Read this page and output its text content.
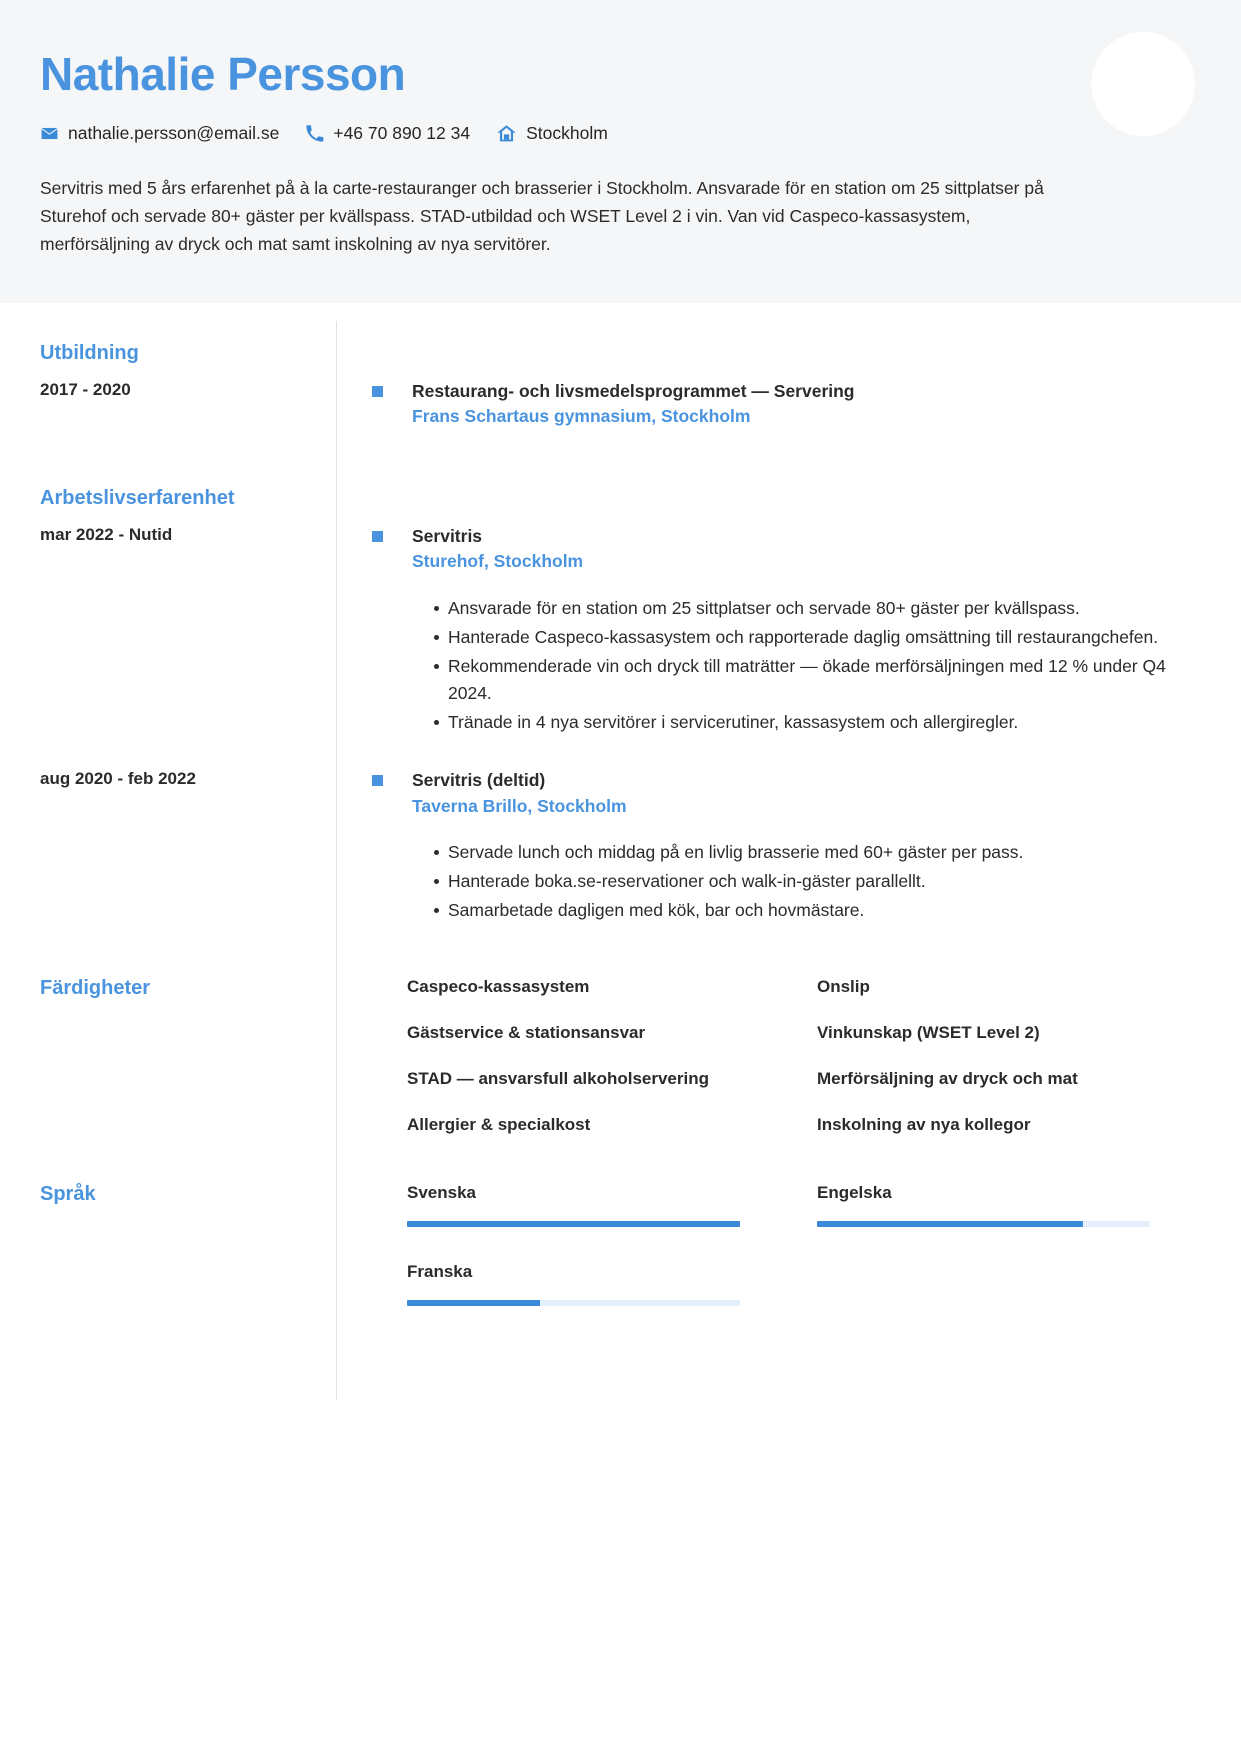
Nathalie Persson
nathalie.persson@email.se	+46 70 890 12 34	Stockholm
Servitris med 5 års erfarenhet på à la carte-restauranger och brasserier i Stockholm. Ansvarade för en station om 25 sittplatser på Sturehof och servade 80+ gäster per kvällspass. STAD-utbildad och WSET Level 2 i vin. Van vid Caspeco-kassasystem, merförsäljning av dryck och mat samt inskolning av nya servitörer.
Utbildning
2017 - 2020	Restaurang- och livsmedelsprogrammet — Servering
Frans Schartaus gymnasium, Stockholm
Arbetslivserfarenhet
mar 2022 - Nutid	Servitris
Sturehof, Stockholm
Ansvarade för en station om 25 sittplatser och servade 80+ gäster per kvällspass.
Hanterade Caspeco-kassasystem och rapporterade daglig omsättning till restaurangchefen.
Rekommenderade vin och dryck till maträtter — ökade merförsäljningen med 12 % under Q4 2024.
Tränade in 4 nya servitörer i servicerutiner, kassasystem och allergiregler.
aug 2020 - feb 2022	Servitris (deltid)
Taverna Brillo, Stockholm
Servade lunch och middag på en livlig brasserie med 60+ gäster per pass.
Hanterade boka.se-reservationer och walk-in-gäster parallellt.
Samarbetade dagligen med kök, bar och hovmästare.
Färdigheter	Caspeco-kassasystem	Onslip
Gästservice & stationsansvar	Vinkunskap (WSET Level 2)
STAD — ansvarsfull alkoholservering	Merförsäljning av dryck och mat
Allergier & specialkost	Inskolning av nya kollegor
Språk	Svenska	Engelska
Franska
